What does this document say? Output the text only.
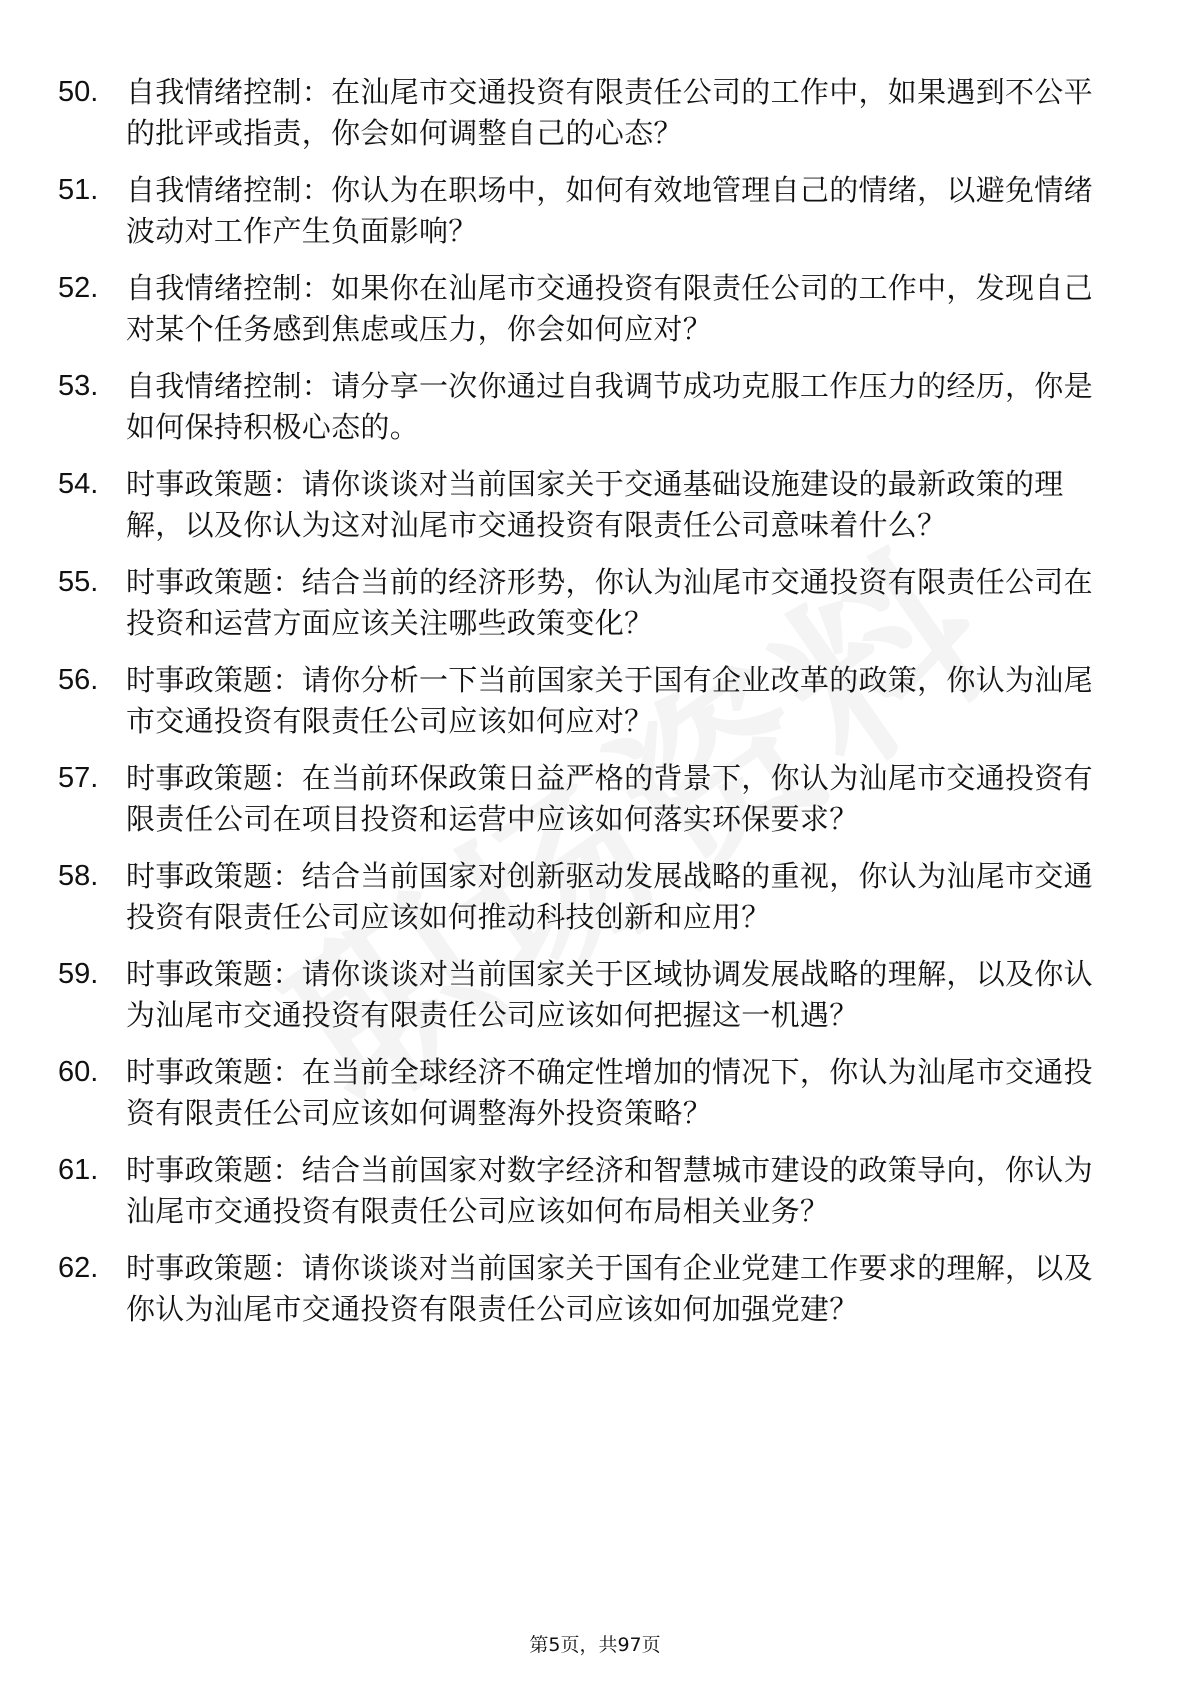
50. 自我情绪控制：在汕尾市交通投资有限责任公司的工作中，如果遇到不公平的批评或指责，你会如何调整自己的心态？
51. 自我情绪控制：你认为在职场中，如何有效地管理自己的情绪，以避免情绪波动对工作产生负面影响？
52. 自我情绪控制：如果你在汕尾市交通投资有限责任公司的工作中，发现自己对某个任务感到焦虑或压力，你会如何应对？
53. 自我情绪控制：请分享一次你通过自我调节成功克服工作压力的经历，你是如何保持积极心态的。
54. 时事政策题：请你谈谈对当前国家关于交通基础设施建设的最新政策的理解，以及你认为这对汕尾市交通投资有限责任公司意味着什么？
55. 时事政策题：结合当前的经济形势，你认为汕尾市交通投资有限责任公司在投资和运营方面应该关注哪些政策变化？
56. 时事政策题：请你分析一下当前国家关于国有企业改革的政策，你认为汕尾市交通投资有限责任公司应该如何应对？
57. 时事政策题：在当前环保政策日益严格的背景下，你认为汕尾市交通投资有限责任公司在项目投资和运营中应该如何落实环保要求？
58. 时事政策题：结合当前国家对创新驱动发展战略的重视，你认为汕尾市交通投资有限责任公司应该如何推动科技创新和应用？
59. 时事政策题：请你谈谈对当前国家关于区域协调发展战略的理解，以及你认为汕尾市交通投资有限责任公司应该如何把握这一机遇？
60. 时事政策题：在当前全球经济不确定性增加的情况下，你认为汕尾市交通投资有限责任公司应该如何调整海外投资策略？
61. 时事政策题：结合当前国家对数字经济和智慧城市建设的政策导向，你认为汕尾市交通投资有限责任公司应该如何布局相关业务？
62. 时事政策题：请你谈谈对当前国家关于国有企业党建工作要求的理解，以及你认为汕尾市交通投资有限责任公司应该如何加强党建？
第5页，共97页
